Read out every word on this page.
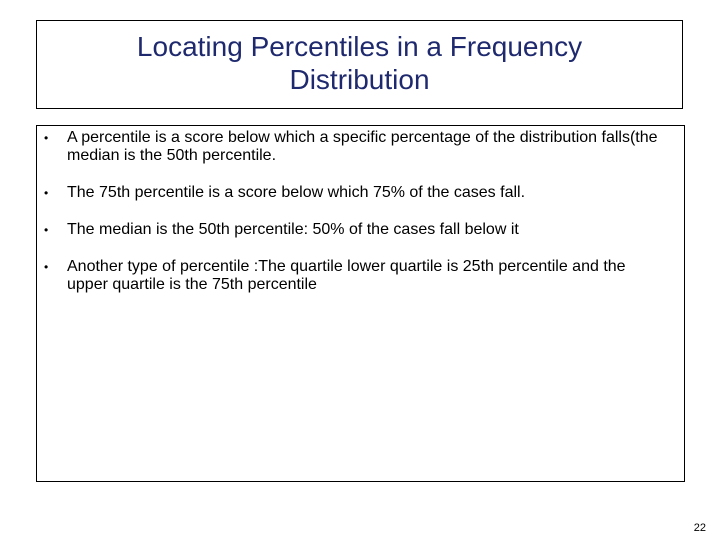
Locating Percentiles in a Frequency Distribution
• A percentile is a score below which a specific percentage of the distribution falls(the median is the 50th percentile.
• The 75th percentile is a score below which 75% of the cases fall.
• The median is the 50th percentile: 50% of the cases fall below it
• Another type of percentile :The quartile lower quartile is 25th percentile and the upper quartile is the 75th percentile
22
